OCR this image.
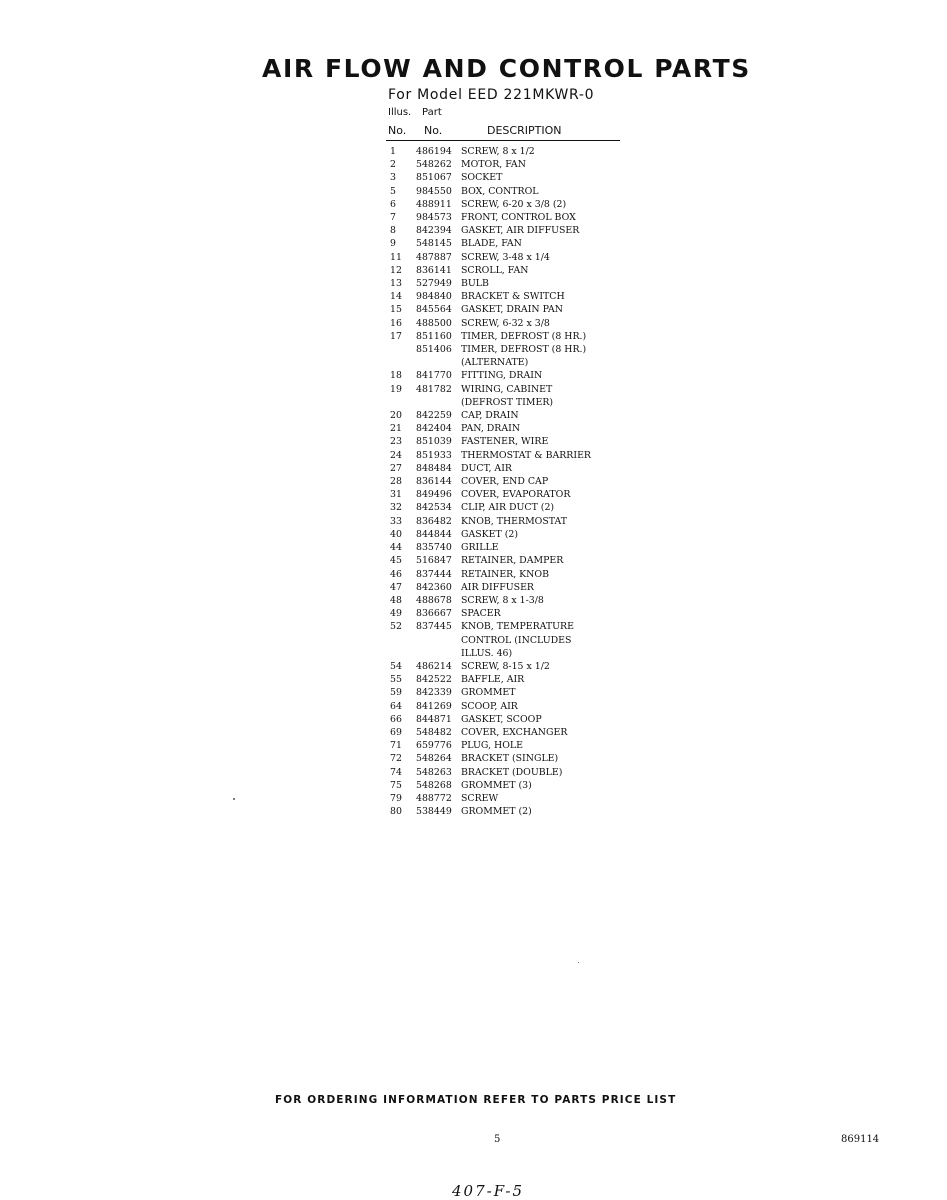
AIR FLOW AND CONTROL PARTS
For Model EED 221MKWR-0
Illus. Part
No. No.	DESCRIPTION
1	486194 SCREW, 8 x 1/2
2	548262 MOTOR, FAN
3	851067 SOCKET
5	984550 BOX, CONTROL
6	488911 SCREW, 6-20 x 3/8 (2)
7	984573 FRONT, CONTROL BOX
8	842394 GASKET, AIR DIFFUSER
9	548145 BLADE, FAN
11	487887 SCREW, 3-48 x 1/4
12	836141 SCROLL, FAN
13	527949 BULB
14	984840 BRACKET & SWITCH
15	845564 GASKET, DRAIN PAN
16	488500 SCREW, 6-32 x 3/8
17	851160 TIMER, DEFROST (8 HR.)
851406 TIMER, DEFROST (8 HR.)
(ALTERNATE)
18	841770 FITTING, DRAIN
19	481782 WIRING, CABINET
(DEFROST TIMER)
20	842259 CAP, DRAIN
21	842404 PAN, DRAIN
23	851039 FASTENER, WIRE
24	851933 THERMOSTAT & BARRIER
27	848484 DUCT, AIR
28	836144 COVER, END CAP
31	849496 COVER, EVAPORATOR
32	842534 CLIP, AIR DUCT (2)
33	836482 KNOB, THERMOSTAT
40	844844 GASKET (2)
44	835740 GRILLE
45	516847 RETAINER, DAMPER
46	837444 RETAINER, KNOB
47	842360 AIR DIFFUSER
48	488678 SCREW, 8 x 1-3/8
49	836667 SPACER
52	837445 KNOB, TEMPERATURE
CONTROL (INCLUDES
ILLUS. 46)
54	486214 SCREW, 8-15 x 1/2
55	842522 BAFFLE, AIR
59	842339 GROMMET
64	841269 SCOOP, AIR
66	844871 GASKET, SCOOP
69	548482 COVER, EXCHANGER
71	659776 PLUG, HOLE
72	548264 BRACKET (SINGLE)
74	548263 BRACKET (DOUBLE)
75	548268 GROMMET (3)
79	488772 SCREW
80	538449 GROMMET (2)
FOR ORDERING INFORMATION REFER TO PARTS PRICE LIST
5	869114
407-F-5
